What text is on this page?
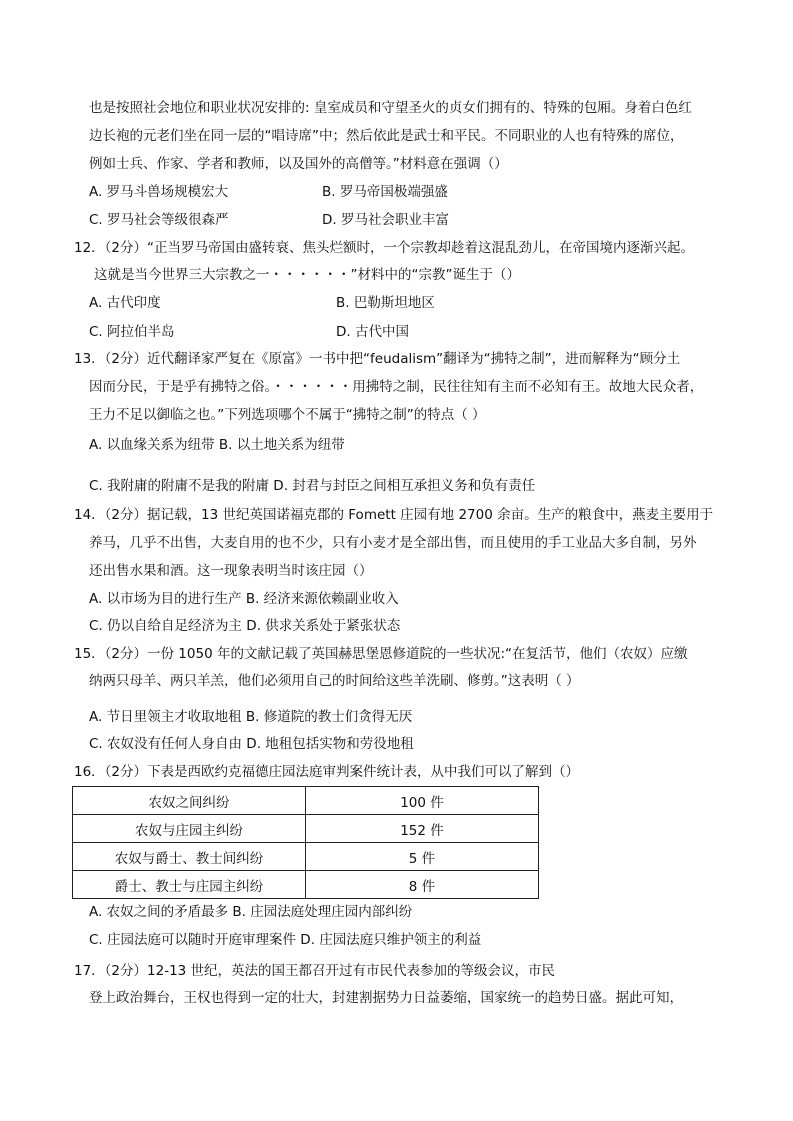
也是按照社会地位和职业状况安排的: 皇室成员和守望圣火的贞女们拥有的、特殊的包厢。身着白色红
边长袍的元老们坐在同一层的“唱诗席”中；然后依此是武士和平民。不同职业的人也有特殊的席位，
例如士兵、作家、学者和教师，以及国外的高僧等。”材料意在强调（）
A. 罗马斗兽场规模宏大	B. 罗马帝国极端强盛
C. 罗马社会等级很森严	D. 罗马社会职业丰富
12．（2分）“正当罗马帝国由盛转衰、焦头烂额时，一个宗教却趁着这混乱劲儿，在帝国境内逐渐兴起。
这就是当今世界三大宗教之一・・・・・・”材料中的“宗教”诞生于（）
A. 古代印度	B. 巴勒斯坦地区
C. 阿拉伯半岛	D. 古代中国
13．（2分）近代翻译家严复在《原富》一书中把“feudalism”翻译为“拂特之制”，进而解释为“顾分土
因而分民，于是乎有拂特之俗。・・・・・・用拂特之制，民往往知有主而不必知有王。故地大民众者，
王力不足以御临之也。”下列选项哪个不属于“拂特之制”的特点（ ）
A. 以血缘关系为纽带 B. 以土地关系为纽带
C. 我附庸的附庸不是我的附庸 D. 封君与封臣之间相互承担义务和负有责任
14．（2分）据记载，13 世纪英国诺福克郡的 Fomett 庄园有地 2700 余亩。生产的粮食中，燕麦主要用于
养马，几乎不出售，大麦自用的也不少，只有小麦才是全部出售，而且使用的手工业品大多自制，另外
还出售水果和酒。这一现象表明当时该庄园（）
A. 以市场为目的进行生产 B. 经济来源依赖副业收入
C. 仍以自给自足经济为主 D. 供求关系处于紧张状态
15．（2分）一份 1050 年的文献记载了英国赫思堡恩修道院的一些状况:“在复活节，他们（农奴）应缴
纳两只母羊、两只羊羔，他们必须用自己的时间给这些羊洗刷、修剪。”这表明（ ）
A. 节日里领主才收取地租 B. 修道院的教士们贪得无厌
C. 农奴没有任何人身自由 D. 地租包括实物和劳役地租
16．（2分）下表是西欧约克福德庄园法庭审判案件统计表，从中我们可以了解到（）
农奴之间纠纷	100 件
农奴与庄园主纠纷	152 件
农奴与爵士、教士间纠纷	5 件
爵士、教士与庄园主纠纷	8 件
A. 农奴之间的矛盾最多 B. 庄园法庭处理庄园内部纠纷
C. 庄园法庭可以随时开庭审理案件 D. 庄园法庭只维护领主的利益
17．（2分）12-13 世纪，英法的国王都召开过有市民代表参加的等级会议，市民
登上政治舞台，王权也得到一定的壮大，封建割据势力日益萎缩，国家统一的趋势日盛。据此可知，
